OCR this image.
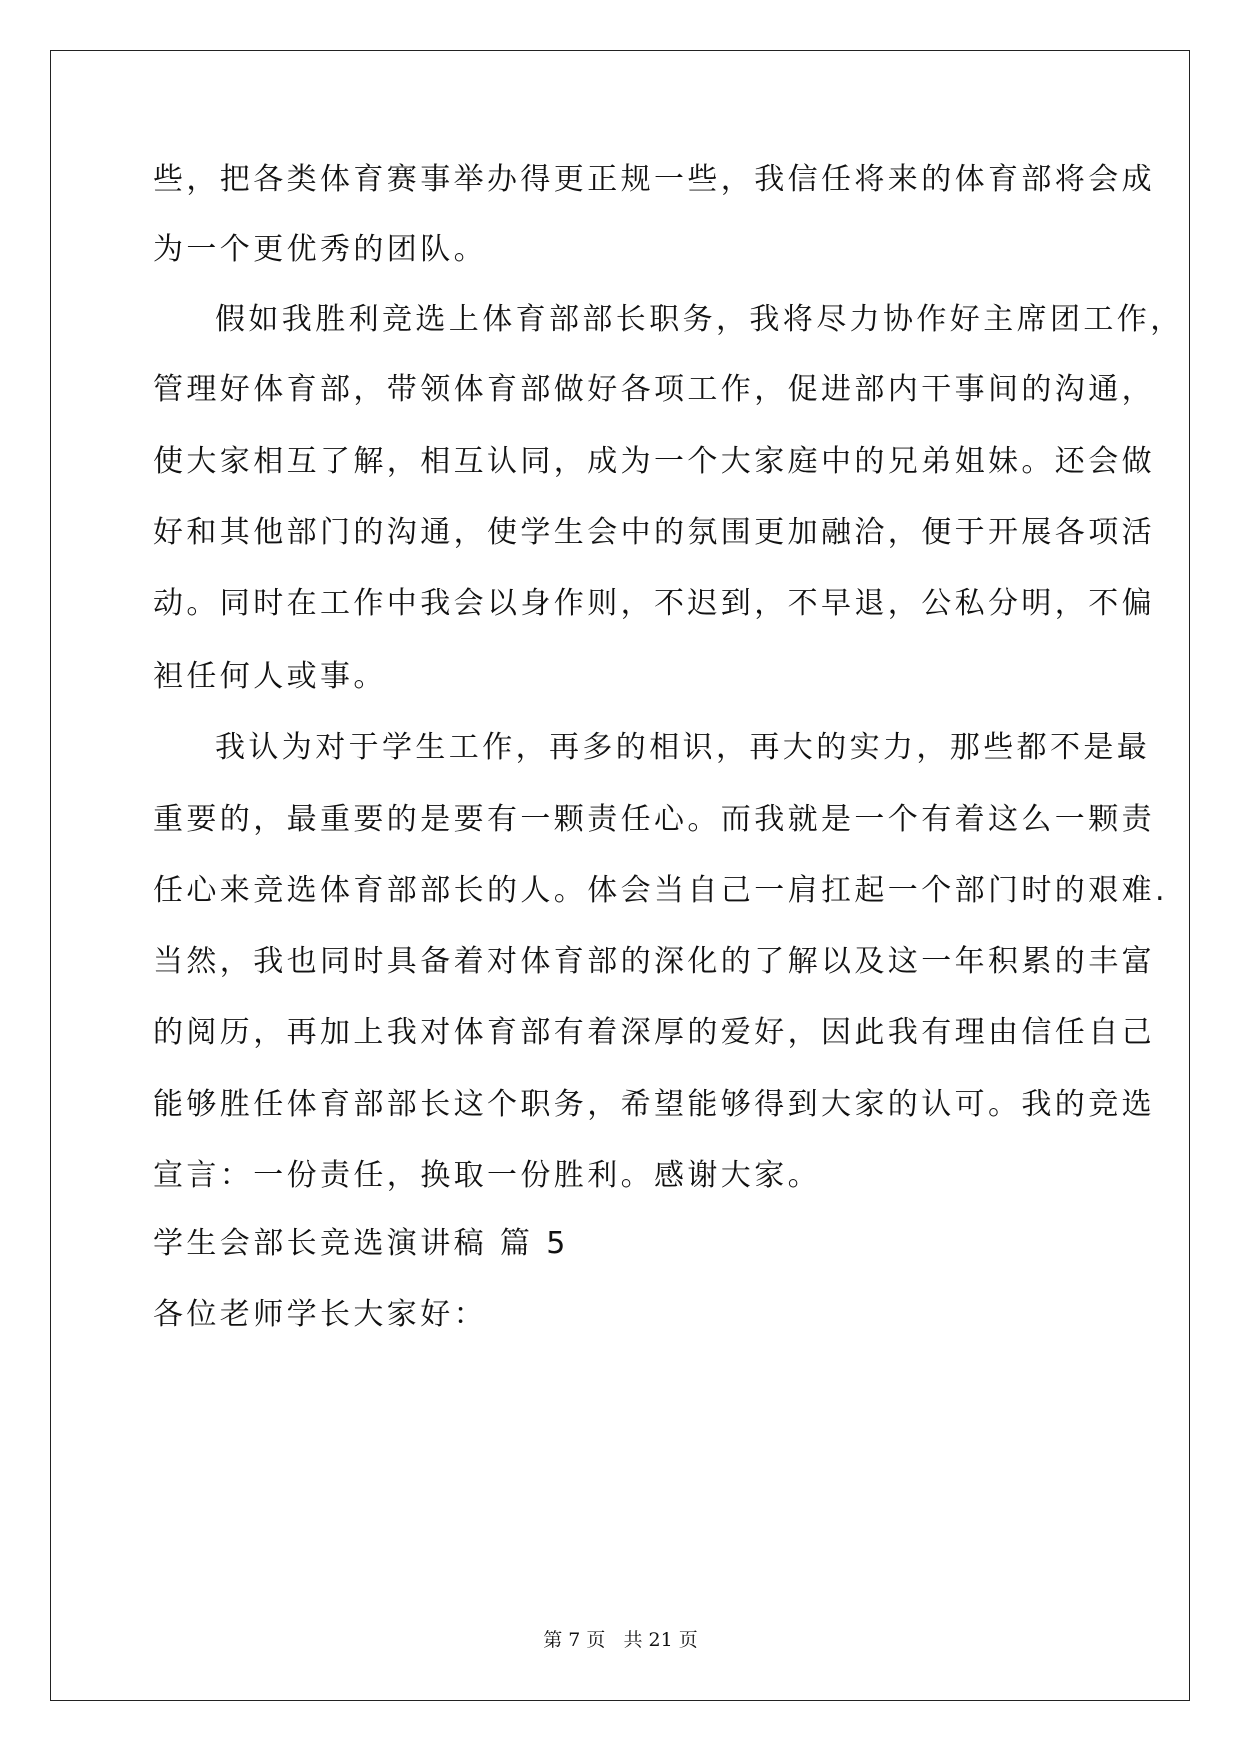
些，把各类体育赛事举办得更正规一些，我信任将来的体育部将会成
为一个更优秀的团队。
假如我胜利竞选上体育部部长职务，我将尽力协作好主席团工作，
管理好体育部，带领体育部做好各项工作，促进部内干事间的沟通，
使大家相互了解，相互认同，成为一个大家庭中的兄弟姐妹。还会做
好和其他部门的沟通，使学生会中的氛围更加融洽，便于开展各项活
动。同时在工作中我会以身作则，不迟到，不早退，公私分明，不偏
袒任何人或事。
我认为对于学生工作，再多的相识，再大的实力，那些都不是最
重要的，最重要的是要有一颗责任心。而我就是一个有着这么一颗责
任心来竞选体育部部长的人。体会当自己一肩扛起一个部门时的艰难.
当然，我也同时具备着对体育部的深化的了解以及这一年积累的丰富
的阅历，再加上我对体育部有着深厚的爱好，因此我有理由信任自己
能够胜任体育部部长这个职务，希望能够得到大家的认可。我的竞选
宣言：一份责任，换取一份胜利。感谢大家。
学生会部长竞选演讲稿 篇 5
各位老师学长大家好：
第 7 页   共 21 页
